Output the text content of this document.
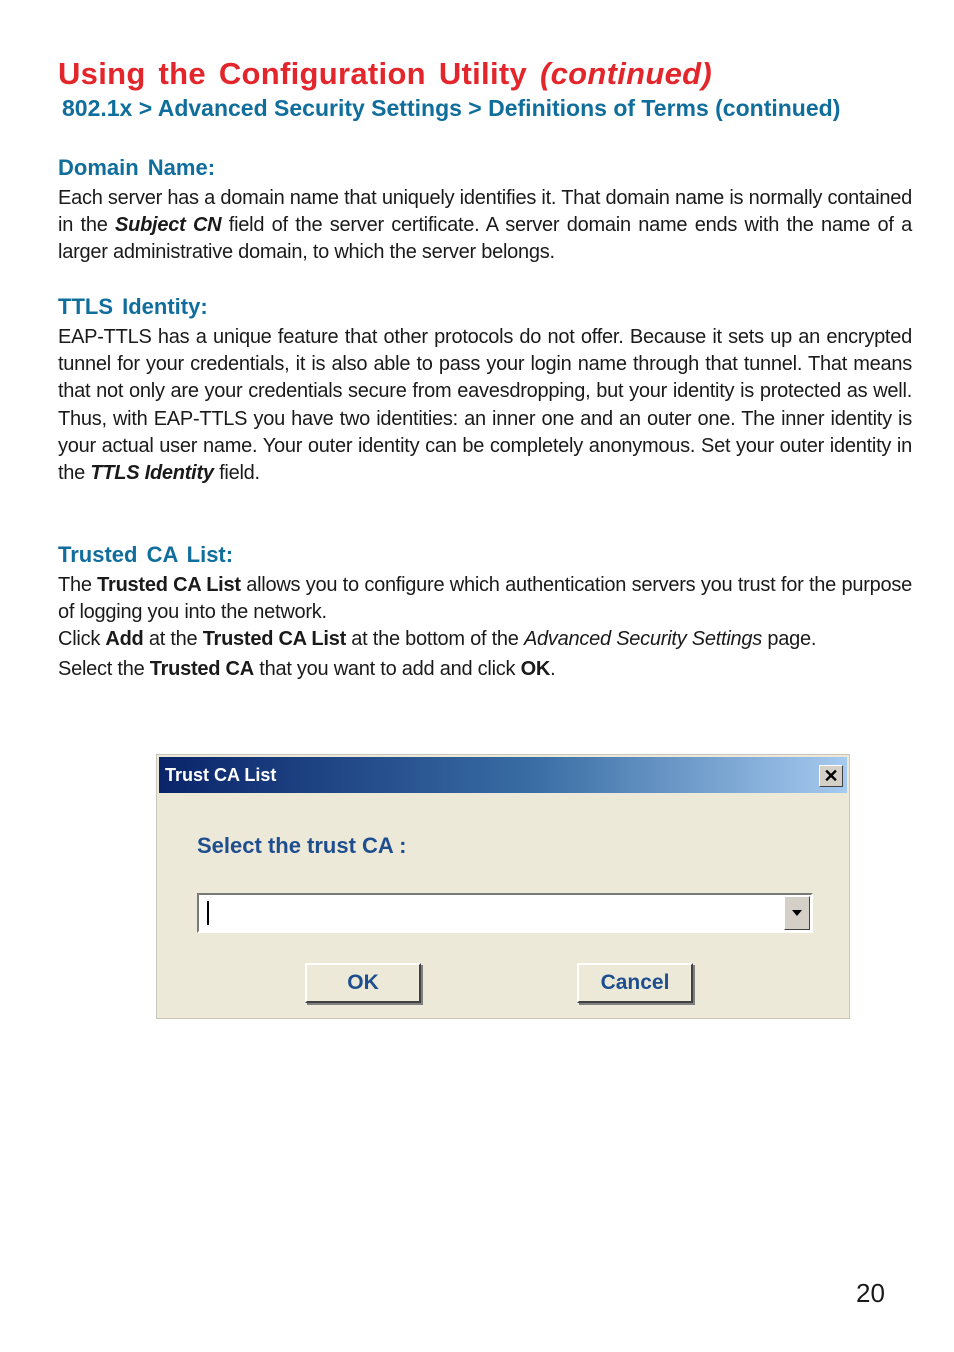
Using the Configuration Utility (continued)

802.1x > Advanced Security Settings > Definitions of Terms (continued)

Domain Name:

Each server has a domain name that uniquely identifies it. That domain name is normally contained in the Subject CN field of the server certificate. A server domain name ends with the name of a larger administrative domain, to which the server belongs.

TTLS Identity:

EAP-TTLS has a unique feature that other protocols do not offer. Because it sets up an encrypted tunnel for your credentials, it is also able to pass your login name through that tunnel. That means that not only are your credentials secure from eavesdropping, but your identity is protected as well. Thus, with EAP-TTLS you have two identities: an inner one and an outer one. The inner identity is your actual user name. Your outer identity can be completely anonymous. Set your outer identity in the TTLS Identity field.

Trusted CA List:

The Trusted CA List allows you to configure which authentication servers you trust for the purpose of logging you into the network.

Click Add at the Trusted CA List at the bottom of the Advanced Security Settings page.

Select the Trusted CA that you want to add and click OK.

Trust CA List	✕
Select the trust CA :
OK	Cancel
20
